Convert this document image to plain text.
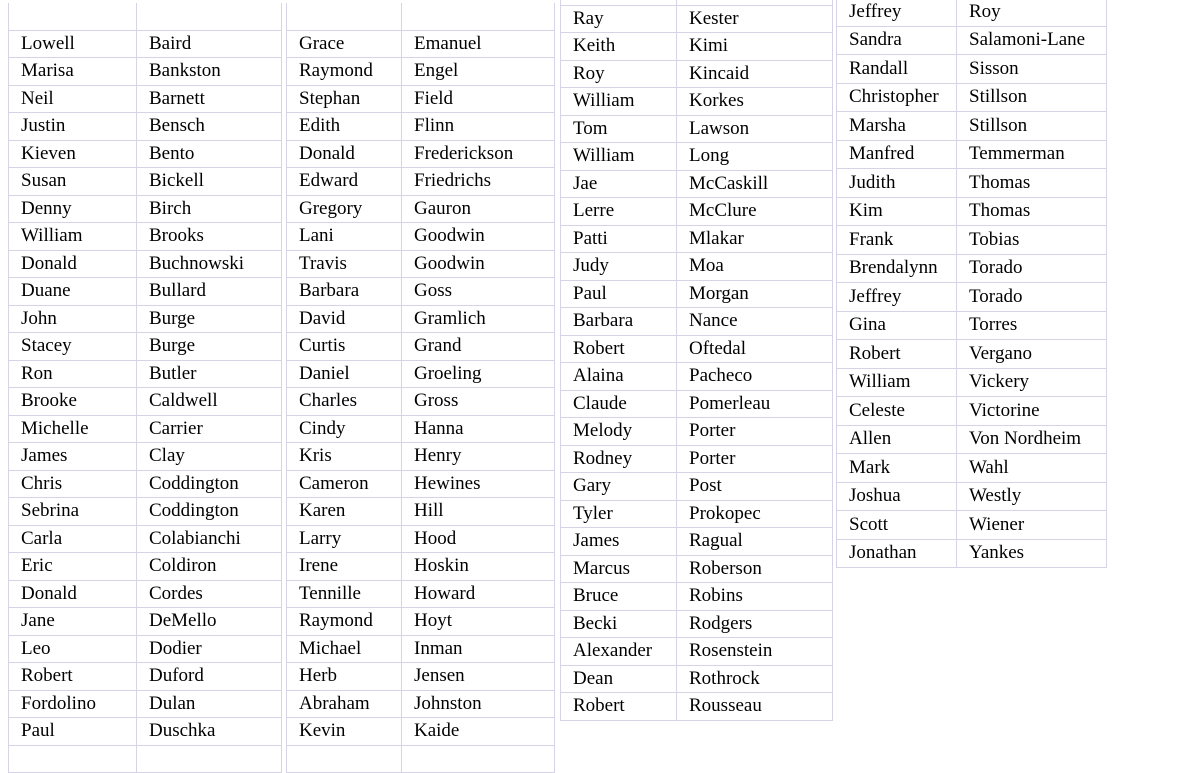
Lowell	Baird
Marisa	Bankston
Neil	Barnett
Justin	Bensch
Kieven	Bento
Susan	Bickell
Denny	Birch
William	Brooks
Donald	Buchnowski
Duane	Bullard
John	Burge
Stacey	Burge
Ron	Butler
Brooke	Caldwell
Michelle	Carrier
James	Clay
Chris	Coddington
Sebrina	Coddington
Carla	Colabianchi
Eric	Coldiron
Donald	Cordes
Jane	DeMello
Leo	Dodier
Robert	Duford
Fordolino	Dulan
Paul	Duschka

Grace	Emanuel
Raymond	Engel
Stephan	Field
Edith	Flinn
Donald	Frederickson
Edward	Friedrichs
Gregory	Gauron
Lani	Goodwin
Travis	Goodwin
Barbara	Goss
David	Gramlich
Curtis	Grand
Daniel	Groeling
Charles	Gross
Cindy	Hanna
Kris	Henry
Cameron	Hewines
Karen	Hill
Larry	Hood
Irene	Hoskin
Tennille	Howard
Raymond	Hoyt
Michael	Inman
Herb	Jensen
Abraham	Johnston
Kevin	Kaide

Ray	Kester
Keith	Kimi
Roy	Kincaid
William	Korkes
Tom	Lawson
William	Long
Jae	McCaskill
Lerre	McClure
Patti	Mlakar
Judy	Moa
Paul	Morgan
Barbara	Nance
Robert	Oftedal
Alaina	Pacheco
Claude	Pomerleau
Melody	Porter
Rodney	Porter
Gary	Post
Tyler	Prokopec
James	Ragual
Marcus	Roberson
Bruce	Robins
Becki	Rodgers
Alexander	Rosenstein
Dean	Rothrock
Robert	Rousseau
Jeffrey	Roy
Sandra	Salamoni-Lane
Randall	Sisson
Christopher	Stillson
Marsha	Stillson
Manfred	Temmerman
Judith	Thomas
Kim	Thomas
Frank	Tobias
Brendalynn	Torado
Jeffrey	Torado
Gina	Torres
Robert	Vergano
William	Vickery
Celeste	Victorine
Allen	Von Nordheim
Mark	Wahl
Joshua	Westly
Scott	Wiener
Jonathan	Yankes
